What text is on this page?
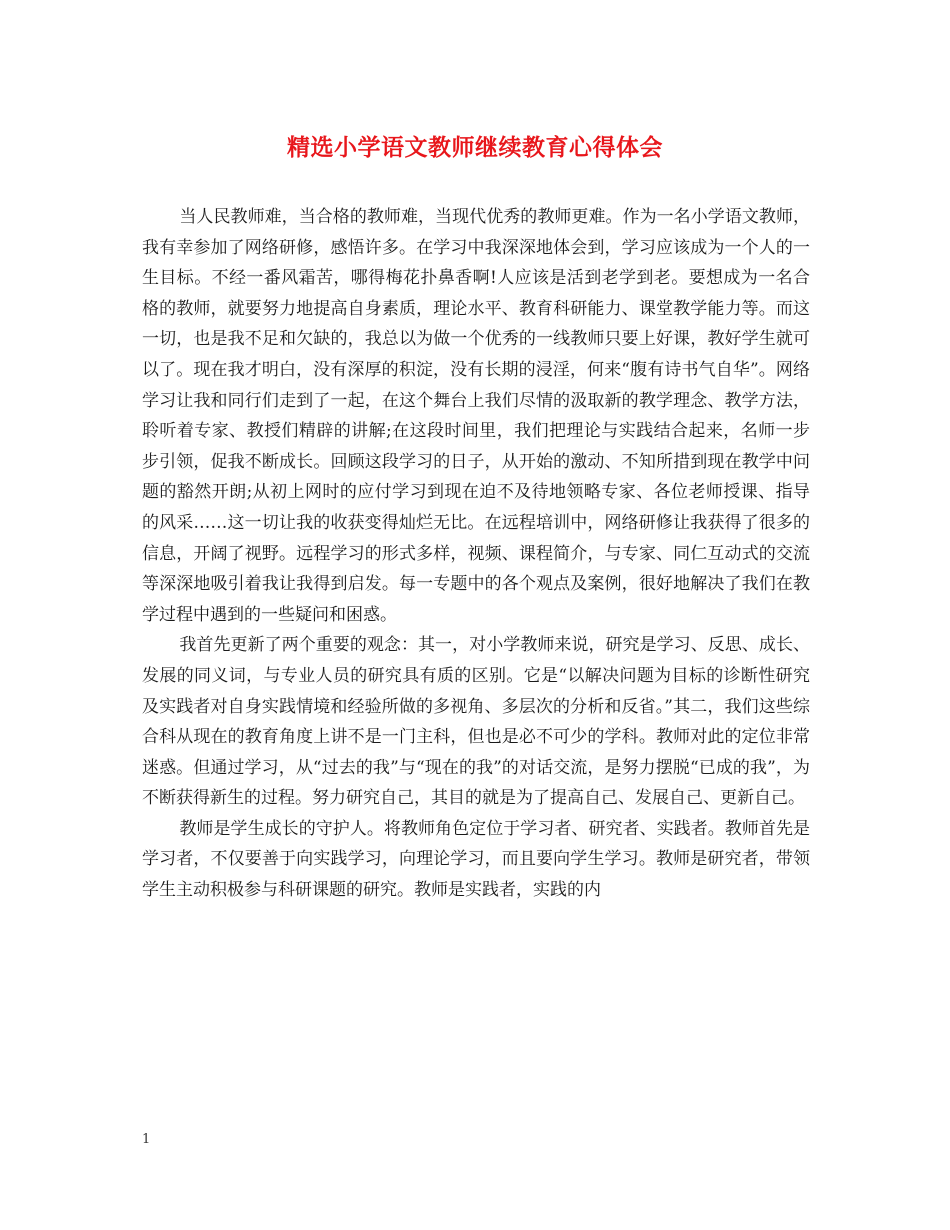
精选小学语文教师继续教育心得体会

当人民教师难，当合格的教师难，当现代优秀的教师更难。作为一名小学语文教师，我有幸参加了网络研修，感悟许多。在学习中我深深地体会到，学习应该成为一个人的一生目标。不经一番风霜苦，哪得梅花扑鼻香啊!人应该是活到老学到老。要想成为一名合格的教师，就要努力地提高自身素质，理论水平、教育科研能力、课堂教学能力等。而这一切，也是我不足和欠缺的，我总以为做一个优秀的一线教师只要上好课，教好学生就可以了。现在我才明白，没有深厚的积淀，没有长期的浸淫，何来“腹有诗书气自华”。网络学习让我和同行们走到了一起，在这个舞台上我们尽情的汲取新的教学理念、教学方法，聆听着专家、教授们精辟的讲解;在这段时间里，我们把理论与实践结合起来，名师一步步引领，促我不断成长。回顾这段学习的日子，从开始的激动、不知所措到现在教学中问题的豁然开朗;从初上网时的应付学习到现在迫不及待地领略专家、各位老师授课、指导的风采……这一切让我的收获变得灿烂无比。在远程培训中，网络研修让我获得了很多的信息，开阔了视野。远程学习的形式多样，视频、课程简介，与专家、同仁互动式的交流等深深地吸引着我让我得到启发。每一专题中的各个观点及案例，很好地解决了我们在教学过程中遇到的一些疑问和困惑。

我首先更新了两个重要的观念：其一，对小学教师来说，研究是学习、反思、成长、发展的同义词，与专业人员的研究具有质的区别。它是“以解决问题为目标的诊断性研究及实践者对自身实践情境和经验所做的多视角、多层次的分析和反省。”其二，我们这些综合科从现在的教育角度上讲不是一门主科，但也是必不可少的学科。教师对此的定位非常迷惑。但通过学习，从“过去的我”与“现在的我”的对话交流，是努力摆脱“已成的我”，为不断获得新生的过程。努力研究自己，其目的就是为了提高自己、发展自己、更新自己。

教师是学生成长的守护人。将教师角色定位于学习者、研究者、实践者。教师首先是学习者，不仅要善于向实践学习，向理论学习，而且要向学生学习。教师是研究者，带领学生主动积极参与科研课题的研究。教师是实践者，实践的内

1
